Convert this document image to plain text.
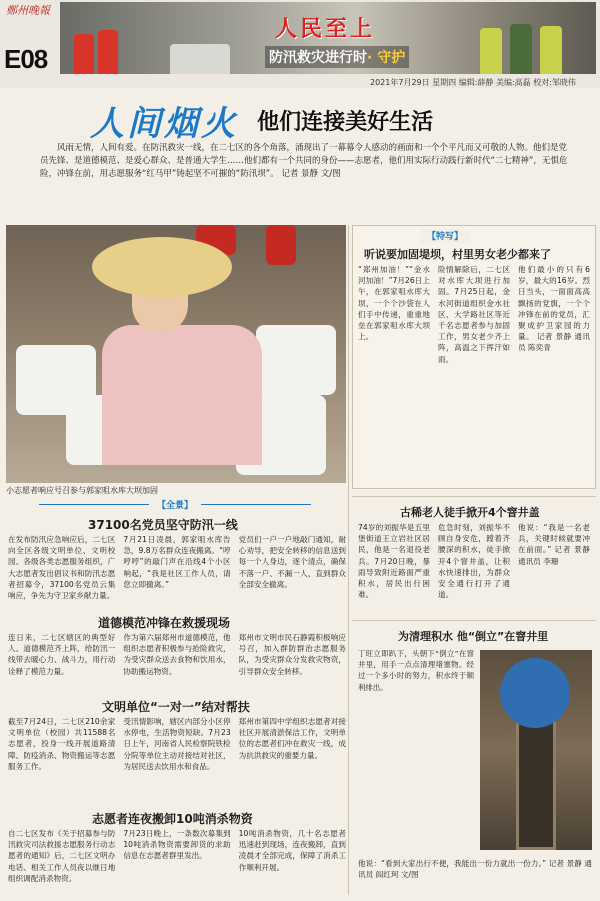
鄭州晚報
E08
人民至上
防汛救灾进行时· 守护
2021年7月29日 星期四 编辑:薛静 美编:高磊 校对:邹晓伟
人间烟火 他们连接美好生活

风雨无情，人间有爱。在防汛救灾一线，在二七区的各个角落，涌现出了一幕幕令人感动的画面和一个个平凡而又可敬的人物。他们是党员先锋、是道德模范、是爱心群众、是普通大学生……他们都有一个共同的身份——志愿者，他们用实际行动践行新时代“二七精神”，无惧危险，冲锋在前，用志愿服务“红马甲”铸起坚不可摧的“防汛坝”。 记者 景静 文/图

小志愿者响应号召参与郭家咀水库大坝加固
【全景】
37100名党员坚守防汛一线

在发布防汛应急响应后，二七区向全区各级文明单位、文明校园、各级各类志愿服务组织，广大志愿者发出倡议书和防汛志愿者招募令，37100名党员云集响应，争先为守卫家乡献力量。

7月21日凌晨，郭家咀水库告急，9.8万名群众连夜搬离。“哼哼哼”的敲门声在沿线4个小区响起，“我是社区工作人员，请您立即撤离。”

党员们一户一户地敲门通知，耐心劝导，把安全转移的信息送到每一个人身边，逐个清点，确保不落一户、不漏一人，直到群众全部安全撤离。

道德模范冲锋在救援现场

连日来，二七区辖区的典型好人、道德模范齐上阵，给防汛一线带去暖心力、战斗力，用行动诠释了模范力量。

作为第六届郑州市道德模范，他组织志愿者积极参与抢险救灾，为受灾群众送去食物和饮用水，协助搬运物资。

郑州市文明市民石静霞积极响应号召，加入群防群治志愿服务队，为受灾群众分发救灾物资，引导群众安全转移。

文明单位“一对一”结对帮扶

截至7月24日，二七区210余家文明单位（校园）共11588名志愿者，投身一线开展道路清障、防疫消杀、物资搬运等志愿服务工作。

受汛情影响，辖区内部分小区停水停电，生活物资短缺。7月23日上午，河南省人民检察院铁检分院等单位主动对接结对社区，为居民送去饮用水和食品。

郑州市第四中学组织志愿者对接社区开展清淤保洁工作，文明单位的志愿者们冲在救灾一线，成为抗洪救灾的重要力量。

志愿者连夜搬卸10吨消杀物资

自二七区发布《关于招募参与防汛救灾司法救援志愿服务行动志愿者的通知》后，二七区文明办电话、相关工作人员夜以继日地组织调配消杀物资。

7月23日晚上，一条数次募集到10吨消杀物资需要卸货的求助信息在志愿者群里发出。

10吨消杀物资，几十名志愿者迅速赶到现场，连夜搬卸，直到凌晨才全部完成，保障了消杀工作顺利开展。

【特写】
听说要加固堤坝，村里男女老少都来了

“郑州加油！”“金水河加油！”7月26日上午，在郭家咀水库大坝，一个个沙袋在人们手中传递，重重地垒在郭家咀水库大坝上。

险情解除后，二七区对水库大坝进行加固。7月25日起，金水河街道组织金水社区、大学路社区等近千名志愿者参与加固工作，男女老少齐上阵，高温之下挥汗如雨。

他们最小的只有6岁，最大的16岁。烈日当头，一面面高高飘扬的党旗，一个个冲锋在前的党员，汇聚成护卫家园的力量。 记者 景静 通讯员 陈奕青

古稀老人徒手掀开4个窨井盖

74岁的刘振华是五里堡街道王立岩社区居民，他是一名退役老兵。7月20日晚，暴雨导致附近路面严重积水，居民出行困难。

危急时刻，刘振华不顾自身安危，蹚着齐腰深的积水，徒手掀开4个窨井盖，让积水快速排出，为群众安全通行打开了通道。

他说：“我是一名老兵，关键时候就要冲在前面。” 记者 景静 通讯员 李珊

为清理积水 他“倒立”在窨井里

丁旺立即趴下，头朝下“倒立”在窨井里，用手一点点清理堵塞物。经过一个多小时的努力，积水终于顺利排出。

他说：“看到大家出行不便，我能出一份力就出一份力。” 记者 景静 通讯员 阎红珂 文/图
